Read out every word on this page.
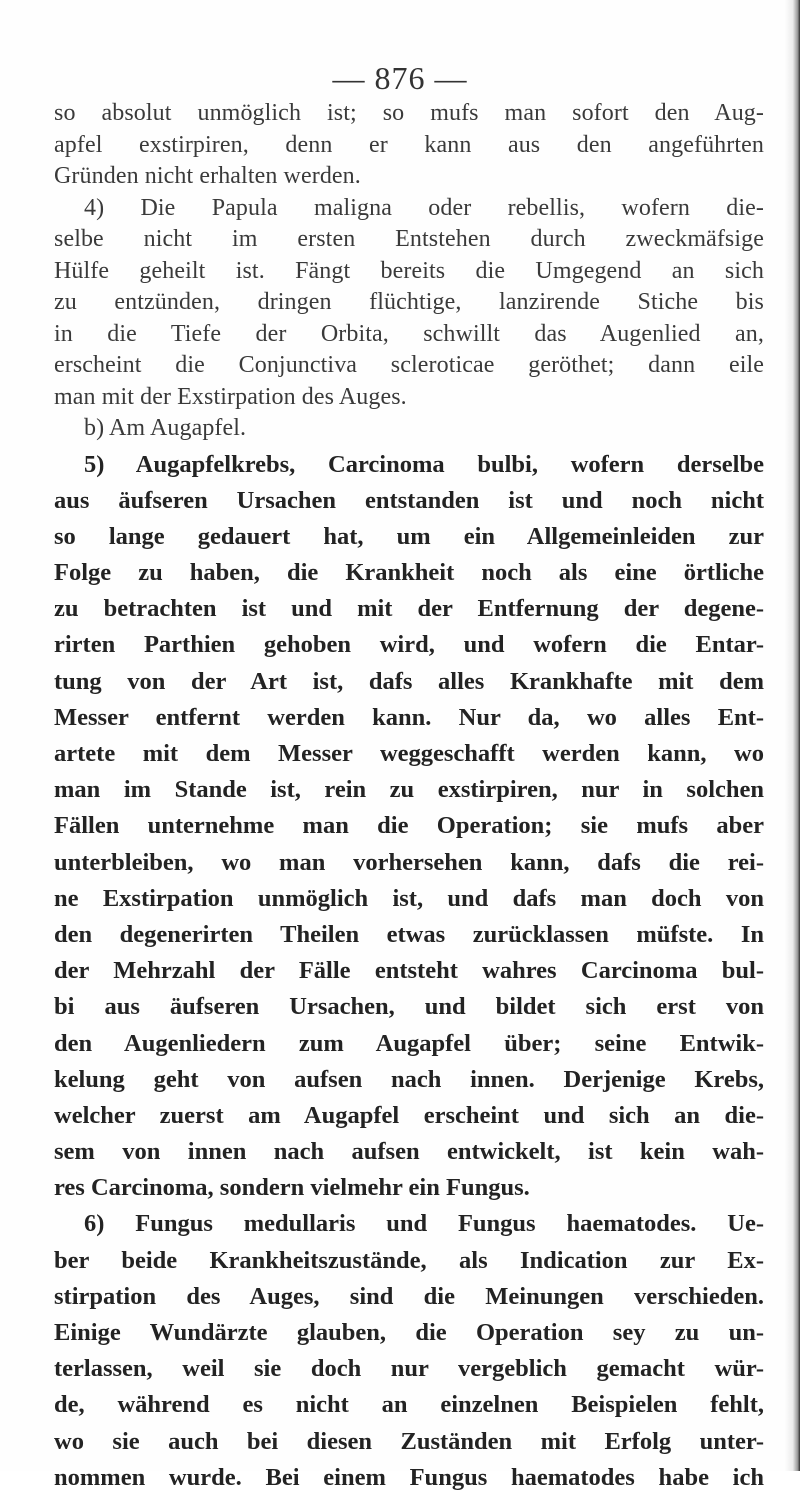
— 876 —
so absolut unmöglich ist; so mufs man sofort den Aug-
apfel exstirpiren, denn er kann aus den angeführten
Gründen nicht erhalten werden.
4) Die Papula maligna oder rebellis, wofern die-
selbe nicht im ersten Entstehen durch zweckmäfsige
Hülfe geheilt ist. Fängt bereits die Umgegend an sich
zu entzünden, dringen flüchtige, lanzirende Stiche bis
in die Tiefe der Orbita, schwillt das Augenlied an,
erscheint die Conjunctiva scleroticae geröthet; dann eile
man mit der Exstirpation des Auges.
b) Am Augapfel.
5) Augapfelkrebs, Carcinoma bulbi, wofern derselbe
aus äufseren Ursachen entstanden ist und noch nicht
so lange gedauert hat, um ein Allgemeinleiden zur
Folge zu haben, die Krankheit noch als eine örtliche
zu betrachten ist und mit der Entfernung der degene-
rirten Parthien gehoben wird, und wofern die Entar-
tung von der Art ist, dafs alles Krankhafte mit dem
Messer entfernt werden kann. Nur da, wo alles Ent-
artete mit dem Messer weggeschafft werden kann, wo
man im Stande ist, rein zu exstirpiren, nur in solchen
Fällen unternehme man die Operation; sie mufs aber
unterbleiben, wo man vorhersehen kann, dafs die rei-
ne Exstirpation unmöglich ist, und dafs man doch von
den degenerirten Theilen etwas zurücklassen müfste. In
der Mehrzahl der Fälle entsteht wahres Carcinoma bul-
bi aus äufseren Ursachen, und bildet sich erst von
den Augenliedern zum Augapfel über; seine Entwik-
kelung geht von aufsen nach innen. Derjenige Krebs,
welcher zuerst am Augapfel erscheint und sich an die-
sem von innen nach aufsen entwickelt, ist kein wah-
res Carcinoma, sondern vielmehr ein Fungus.
6) Fungus medullaris und Fungus haematodes. Ue-
ber beide Krankheitszustände, als Indication zur Ex-
stirpation des Auges, sind die Meinungen verschieden.
Einige Wundärzte glauben, die Operation sey zu un-
terlassen, weil sie doch nur vergeblich gemacht wür-
de, während es nicht an einzelnen Beispielen fehlt,
wo sie auch bei diesen Zuständen mit Erfolg unter-
nommen wurde. Bei einem Fungus haematodes habe ich
